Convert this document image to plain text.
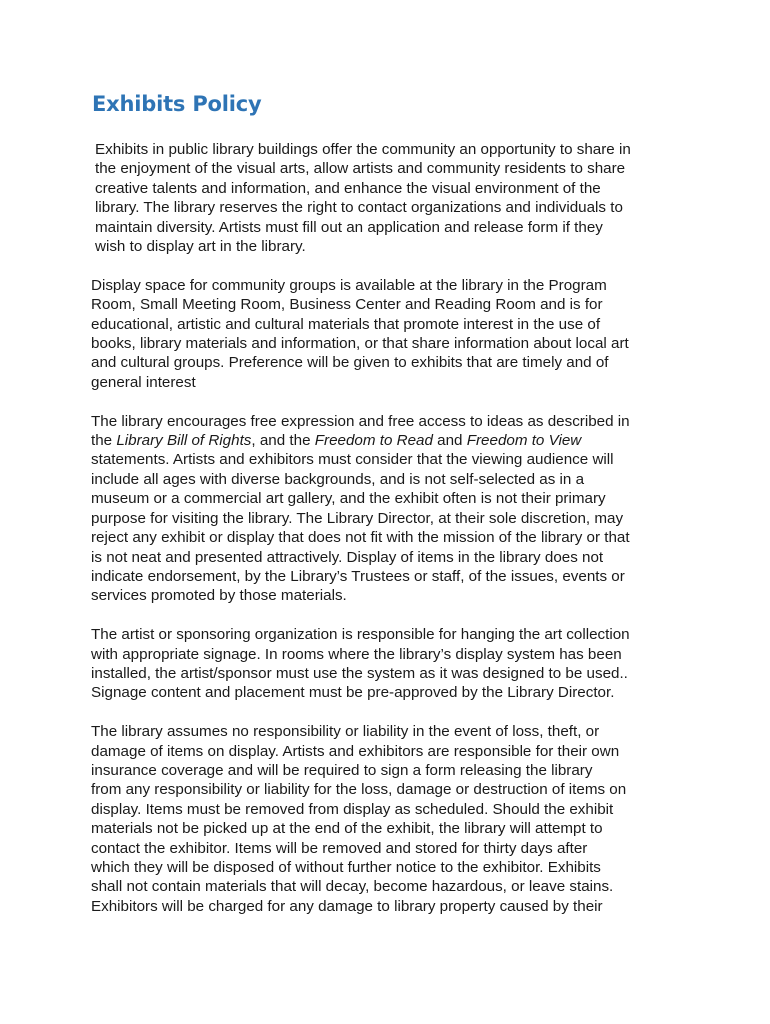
Exhibits Policy

Exhibits in public library buildings offer the community an opportunity to share in
the enjoyment of the visual arts, allow artists and community residents to share
creative talents and information, and enhance the visual environment of the
library. The library reserves the right to contact organizations and individuals to
maintain diversity. Artists must fill out an application and release form if they
wish to display art in the library.

Display space for community groups is available at the library in the Program
Room, Small Meeting Room, Business Center and Reading Room and is for
educational, artistic and cultural materials that promote interest in the use of
books, library materials and information, or that share information about local art
and cultural groups. Preference will be given to exhibits that are timely and of
general interest

The library encourages free expression and free access to ideas as described in
the Library Bill of Rights, and the Freedom to Read and Freedom to View
statements. Artists and exhibitors must consider that the viewing audience will
include all ages with diverse backgrounds, and is not self-selected as in a
museum or a commercial art gallery, and the exhibit often is not their primary
purpose for visiting the library. The Library Director, at their sole discretion, may
reject any exhibit or display that does not fit with the mission of the library or that
is not neat and presented attractively. Display of items in the library does not
indicate endorsement, by the Library’s Trustees or staff, of the issues, events or
services promoted by those materials.

The artist or sponsoring organization is responsible for hanging the art collection
with appropriate signage. In rooms where the library’s display system has been
installed, the artist/sponsor must use the system as it was designed to be used..
Signage content and placement must be pre-approved by the Library Director.

The library assumes no responsibility or liability in the event of loss, theft, or
damage of items on display. Artists and exhibitors are responsible for their own
insurance coverage and will be required to sign a form releasing the library
from any responsibility or liability for the loss, damage or destruction of items on
display. Items must be removed from display as scheduled. Should the exhibit
materials not be picked up at the end of the exhibit, the library will attempt to
contact the exhibitor. Items will be removed and stored for thirty days after
which they will be disposed of without further notice to the exhibitor. Exhibits
shall not contain materials that will decay, become hazardous, or leave stains.
Exhibitors will be charged for any damage to library property caused by their
